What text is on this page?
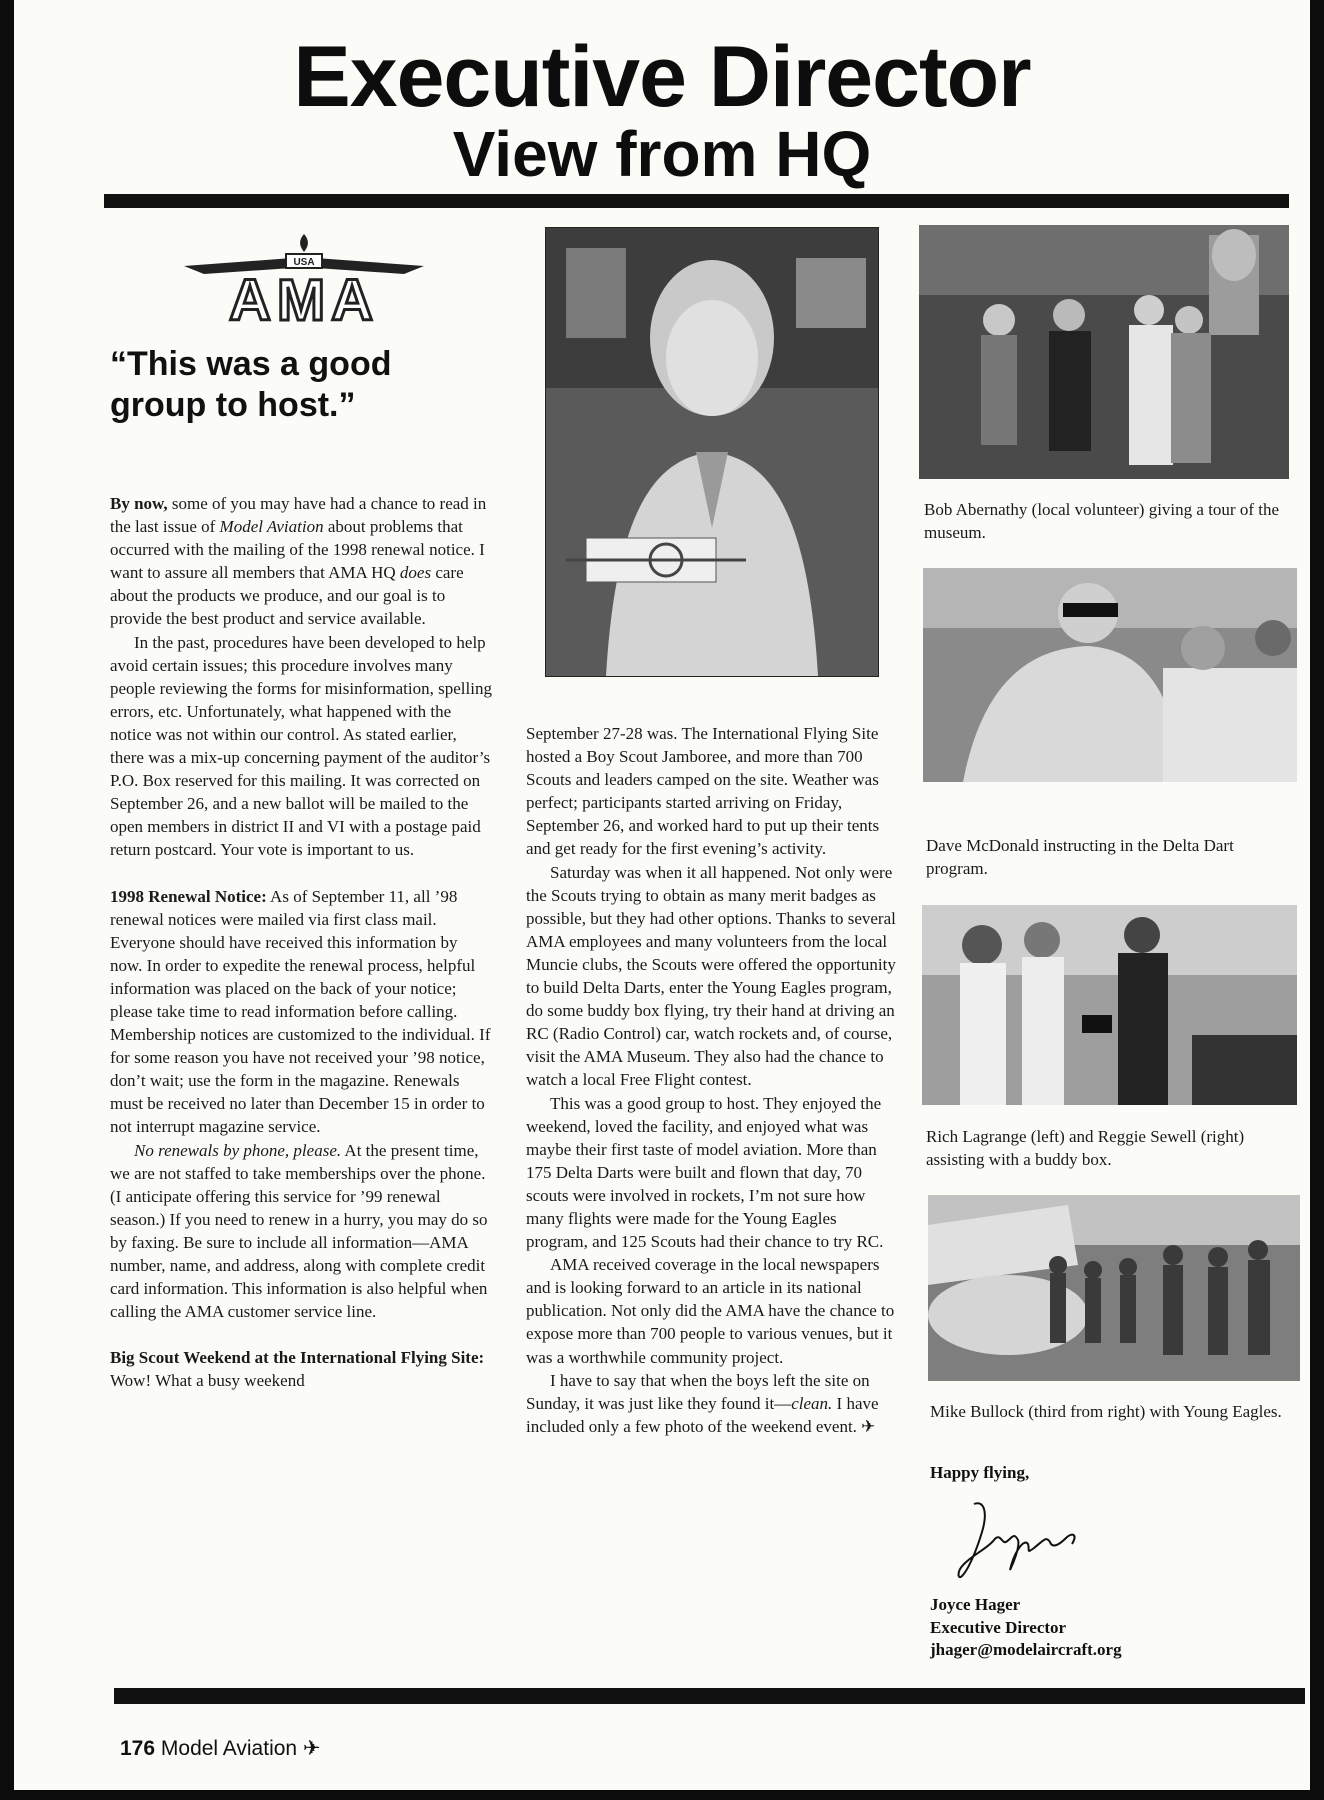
Executive Director
View from HQ
USA
AMA
“This was a good group to host.”

By now, some of you may have had a chance to read in the last issue of Model Aviation about problems that occurred with the mailing of the 1998 renewal notice. I want to assure all members that AMA HQ does care about the products we produce, and our goal is to provide the best product and service available.

In the past, procedures have been developed to help avoid certain issues; this procedure involves many people reviewing the forms for misinformation, spelling errors, etc. Unfortunately, what happened with the notice was not within our control. As stated earlier, there was a mix-up concerning payment of the auditor’s P.O. Box reserved for this mailing. It was corrected on September 26, and a new ballot will be mailed to the open members in district II and VI with a postage paid return postcard. Your vote is important to us.

1998 Renewal Notice: As of September 11, all ’98 renewal notices were mailed via first class mail. Everyone should have received this information by now. In order to expedite the renewal process, helpful information was placed on the back of your notice; please take time to read information before calling. Membership notices are customized to the individual. If for some reason you have not received your ’98 notice, don’t wait; use the form in the magazine. Renewals must be received no later than December 15 in order to not interrupt magazine service.

No renewals by phone, please. At the present time, we are not staffed to take memberships over the phone. (I anticipate offering this service for ’99 renewal season.) If you need to renew in a hurry, you may do so by faxing. Be sure to include all information—AMA number, name, and address, along with complete credit card information. This information is also helpful when calling the AMA customer service line.

Big Scout Weekend at the International Flying Site: Wow! What a busy weekend

September 27-28 was. The International Flying Site hosted a Boy Scout Jamboree, and more than 700 Scouts and leaders camped on the site. Weather was perfect; participants started arriving on Friday, September 26, and worked hard to put up their tents and get ready for the first evening’s activity.

Saturday was when it all happened. Not only were the Scouts trying to obtain as many merit badges as possible, but they had other options. Thanks to several AMA employees and many volunteers from the local Muncie clubs, the Scouts were offered the opportunity to build Delta Darts, enter the Young Eagles program, do some buddy box flying, try their hand at driving an RC (Radio Control) car, watch rockets and, of course, visit the AMA Museum. They also had the chance to watch a local Free Flight contest.

This was a good group to host. They enjoyed the weekend, loved the facility, and enjoyed what was maybe their first taste of model aviation. More than 175 Delta Darts were built and flown that day, 70 scouts were involved in rockets, I’m not sure how many flights were made for the Young Eagles program, and 125 Scouts had their chance to try RC.

AMA received coverage in the local newspapers and is looking forward to an article in its national publication. Not only did the AMA have the chance to expose more than 700 people to various venues, but it was a worthwhile community project.

I have to say that when the boys left the site on Sunday, it was just like they found it—clean. I have included only a few photo of the weekend event. ✈

Bob Abernathy (local volunteer) giving a tour of the museum.
Dave McDonald instructing in the Delta Dart program.
Rich Lagrange (left) and Reggie Sewell (right) assisting with a buddy box.
Mike Bullock (third from right) with Young Eagles.
Happy flying,
Joyce Hager
Executive Director
jhager@modelaircraft.org
176 Model Aviation ✈
